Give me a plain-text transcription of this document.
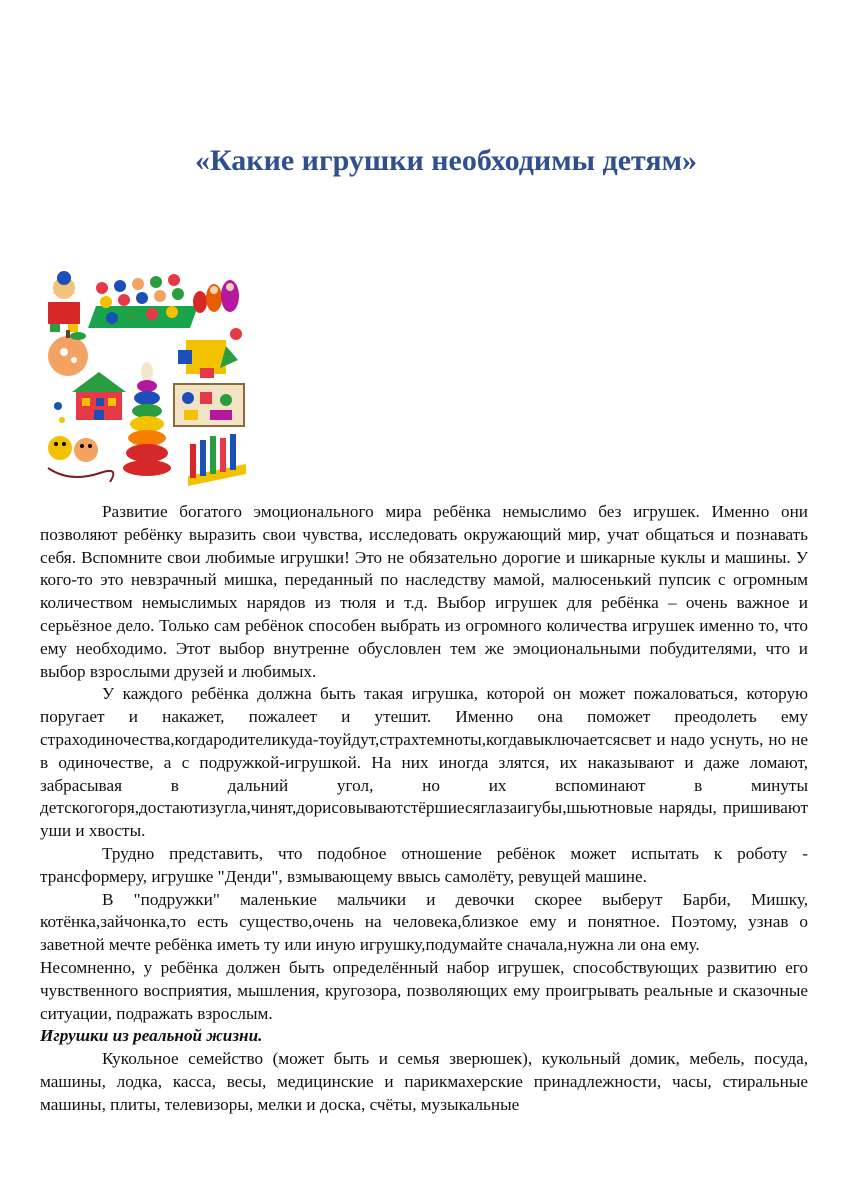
«Какие игрушки необходимы детям»

Развитие богатого эмоционального мира ребёнка немыслимо без игрушек. Именно они позволяют ребёнку выразить свои чувства, исследовать окружающий мир, учат общаться и познавать себя. Вспомните свои любимые игрушки! Это не обязательно дорогие и шикарные куклы и машины. У кого-то это невзрачный мишка, переданный по наследству мамой, малюсенький пупсик с огромным количеством немыслимых нарядов из тюля и т.д. Выбор игрушек для ребёнка – очень важное и серьёзное дело. Только сам ребёнок способен выбрать из огромного количества игрушек именно то, что ему необходимо. Этот выбор внутренне обусловлен тем же эмоциональными побудителями, что и выбор взрослыми друзей и любимых.

У каждого ребёнка должна быть такая игрушка, которой он может пожаловаться, которую поругает и накажет, пожалеет и утешит. Именно она поможет преодолеть ему страходиночества,когдародителикуда-тоуйдут,страхтемноты,когдавыключаетсясвет и надо уснуть, но не в одиночестве, а с подружкой-игрушкой. На них иногда злятся, их наказывают и даже ломают, забрасывая в дальний угол, но их вспоминают в минуты детскогогоря,достаютизугла,чинят,дорисовываютстёршиесяглазаигубы,шьютновые наряды, пришивают уши и хвосты.

Трудно представить, что подобное отношение ребёнок может испытать к роботу - трансформеру, игрушке "Денди", взмывающему ввысь самолёту, ревущей машине.

В "подружки" маленькие мальчики и девочки скорее выберут Барби, Мишку, котёнка,зайчонка,то есть существо,очень на человека,близкое ему и понятное. Поэтому, узнав о заветной мечте ребёнка иметь ту или иную игрушку,подумайте сначала,нужна ли она ему.

Несомненно, у ребёнка должен быть определённый набор игрушек, способствующих развитию его чувственного восприятия, мышления, кругозора, позволяющих ему проигрывать реальные и сказочные ситуации, подражать взрослым.

Игрушки из реальной жизни.

Кукольное семейство (может быть и семья зверюшек), кукольный домик, мебель, посуда, машины, лодка, касса, весы, медицинские и парикмахерские принадлежности, часы, стиральные машины, плиты, телевизоры, мелки и доска, счёты, музыкальные
